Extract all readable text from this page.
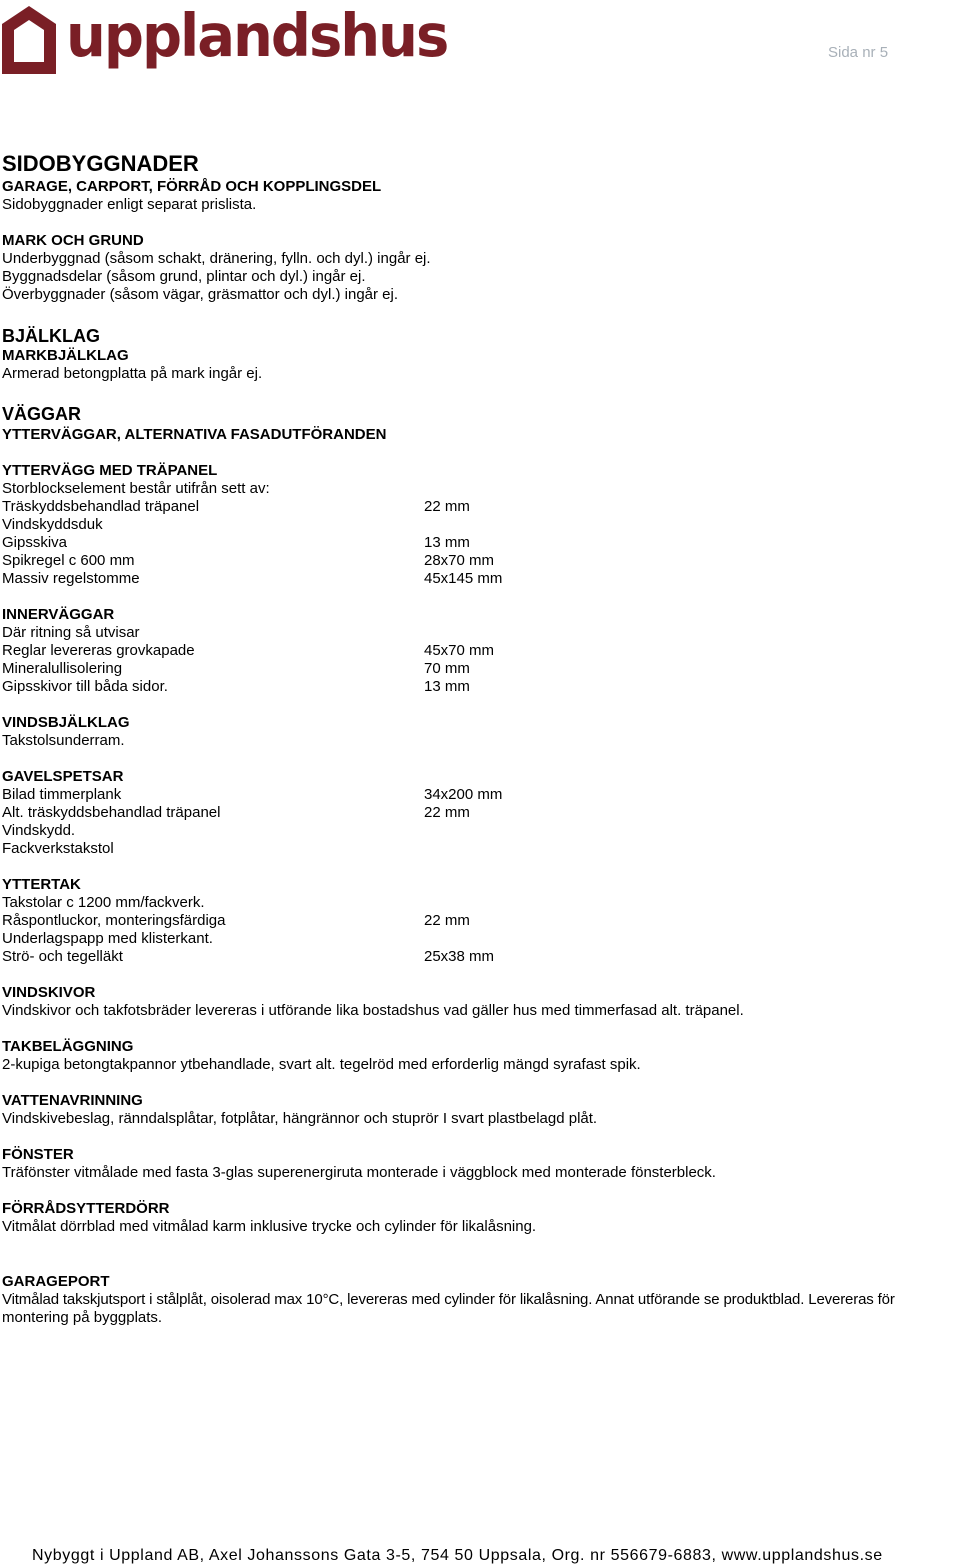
upplandshus	Sida nr 5
SIDOBYGGNADER
GARAGE, CARPORT, FÖRRÅD OCH KOPPLINGSDEL
Sidobyggnader enligt separat prislista.
MARK OCH GRUND
Underbyggnad (såsom schakt, dränering, fylln. och dyl.) ingår ej.
Byggnadsdelar (såsom grund, plintar och dyl.) ingår ej.
Överbyggnader (såsom vägar, gräsmattor och dyl.) ingår ej.
BJÄLKLAG
MARKBJÄLKLAG
Armerad betongplatta på mark ingår ej.
VÄGGAR
YTTERVÄGGAR, ALTERNATIVA FASADUTFÖRANDEN
YTTERVÄGG MED TRÄPANEL
Storblockselement består utifrån sett av:
Träskyddsbehandlad träpanel	22 mm
Vindskyddsduk
Gipsskiva	13 mm
Spikregel c 600 mm	28x70 mm
Massiv regelstomme	45x145 mm
INNERVÄGGAR
Där ritning så utvisar
Reglar levereras grovkapade	45x70 mm
Mineralullisolering	70 mm
Gipsskivor till båda sidor.	13 mm
VINDSBJÄLKLAG
Takstolsunderram.
GAVELSPETSAR
Bilad timmerplank	34x200 mm
Alt. träskyddsbehandlad träpanel	22 mm
Vindskydd.
Fackverkstakstol
YTTERTAK
Takstolar c 1200 mm/fackverk.
Råspontluckor, monteringsfärdiga	22 mm
Underlagspapp med klisterkant.
Strö- och tegelläkt	25x38 mm
VINDSKIVOR
Vindskivor och takfotsbräder levereras i utförande lika bostadshus vad gäller hus med timmerfasad alt. träpanel.
TAKBELÄGGNING
2-kupiga betongtakpannor ytbehandlade, svart alt. tegelröd med erforderlig mängd syrafast spik.
VATTENAVRINNING
Vindskivebeslag, ränndalsplåtar, fotplåtar, hängrännor och stuprör I svart plastbelagd plåt.
FÖNSTER
Träfönster vitmålade med fasta 3-glas superenergiruta monterade i väggblock med monterade fönsterbleck.
FÖRRÅDSYTTERDÖRR
Vitmålat dörrblad med vitmålad karm inklusive trycke och cylinder för likalåsning.
GARAGEPORT
Vitmålad takskjutsport i stålplåt, oisolerad max 10°C, levereras med cylinder för likalåsning. Annat utförande se produktblad. Levereras för
montering på byggplats.
Nybyggt i Uppland AB, Axel Johanssons Gata 3-5, 754 50 Uppsala, Org. nr 556679-6883, www.upplandshus.se
